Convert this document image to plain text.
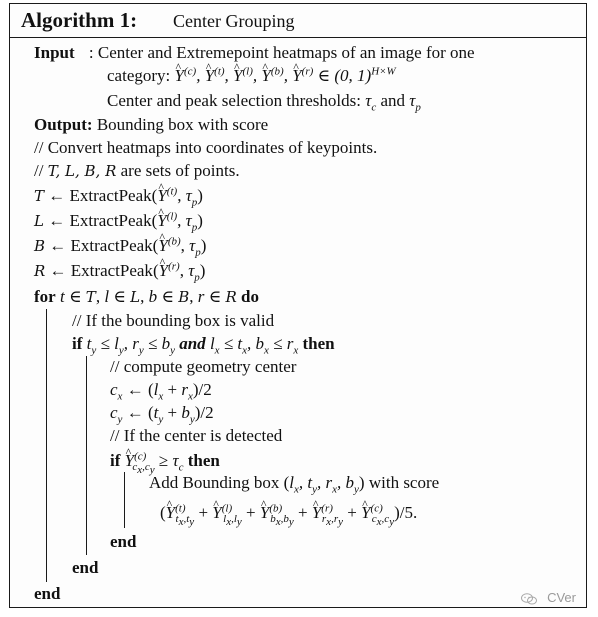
Algorithm 1: Center Grouping
Input : Center and Extremepoint heatmaps of an image for one
category: ^ $Y^{(c)}$, ^ $Y^{(t)}$, ^ $Y^{(l)}$, ^ $Y^{(b)}$, ^ $Y^{(r)}$ ∈ (0, 1)$^{H\times W}$
Center and peak selection thresholds: $\tau_c$ and $\tau_p$
Output: Bounding box with score
// Convert heatmaps into coordinates of keypoints.
// T, L, B, R are sets of points.
T ← ExtractPeak(^ $Y^{(t)}$, $\tau_p$)
L ← ExtractPeak(^ $Y^{(l)}$, $\tau_p$)
B ← ExtractPeak(^ $Y^{(b)}$, $\tau_p$)
R ← ExtractPeak(^ $Y^{(r)}$, $\tau_p$)
for t ∈ T, l ∈ L, b ∈ B, r ∈ R do
// If the bounding box is valid
if $t_y \le l_y$, $r_y \le b_y$ and $l_x \le t_x$, $b_x \le r_x$ then
// compute geometry center
$c_x$ ← $(l_x + r_x)/2$
$c_y$ ← $(t_y + b_y)/2$
// If the center is detected
if ^ $Y^{(c)}_{c_x,c_y} \ge \tau_c$ then
Add Bounding box ($l_x$, $t_y$, $r_x$, $b_y$) with score
(^ $Y^{(t)}_{t_x,t_y}$ + ^ $Y^{(l)}_{l_x,l_y}$ + ^ $Y^{(b)}_{b_x,b_y}$ + ^ $Y^{(r)}_{r_x,r_y}$ + ^ $Y^{(c)}_{c_x,c_y})/5$.
end
end
end	CVer
